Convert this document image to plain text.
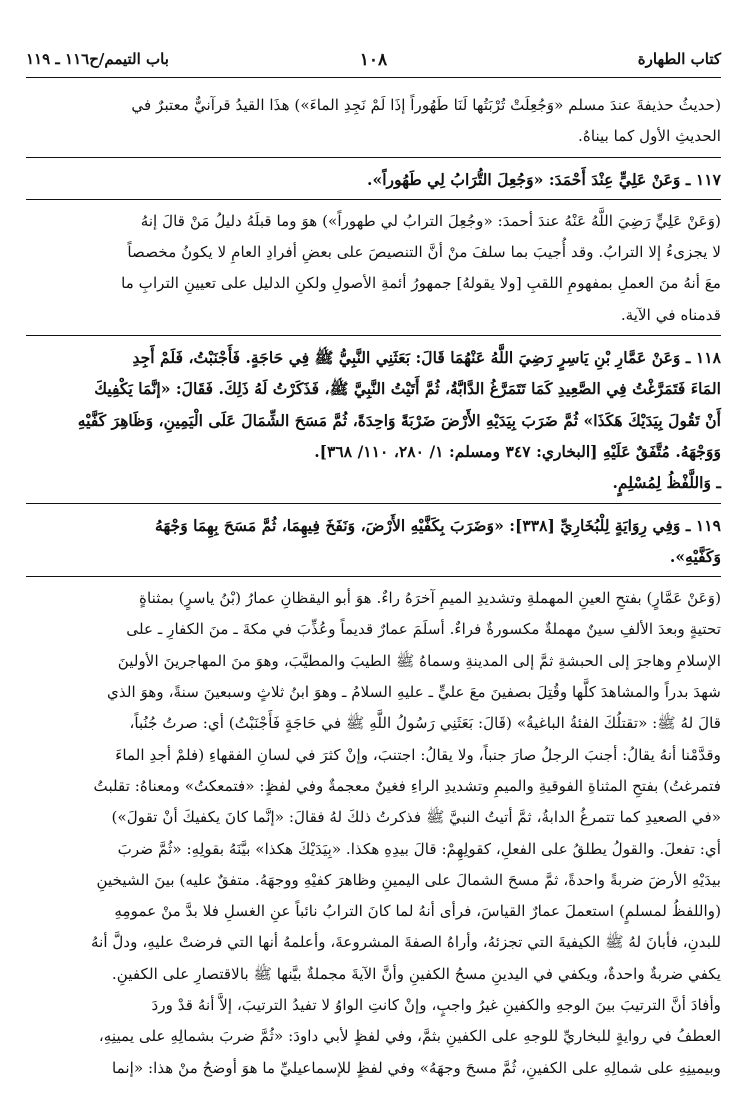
كتاب الطهارة
١٠٨
باب التيمم/ح١١٦ ـ ١١٩

(حديثُ حذيفةَ عندَ مسلم «وَجُعِلَتْ تُرْبَتُها لَنَا طَهُوراً إذَا لَمْ نَجِدِ الماءَ») هذَا القيدُ قرآنيٌّ معتبرٌ في
الحديثِ الأول كما بيناهُ.

١١٧ ـ وَعَنْ عَلِيٍّ عِنْدَ أَحْمَدَ: «وَجُعِلَ التُّرَابُ لِي طَهُوراً».

(وَعَنْ عَلِيٍّ رَضِيَ اللَّهُ عَنْهُ عندَ أحمدَ: «وجُعِلَ الترابُ لي طهوراً») هوَ وما قبلَهُ دليلُ مَنْ قالَ إنهُ
لا يجزىءُ إلا الترابُ. وقد أُجيبَ بما سلفَ منْ أنَّ التنصيصَ على بعضِ أفرادِ العامِ لا يكونُ مخصصاً
معَ أنهُ منَ العملِ بمفهومِ اللقبِ [ولا يقولهُ] جمهورُ أئمةِ الأصولِ ولكنِ الدليل على تعيينِ الترابِ ما
قدمناه في الآية.

١١٨ ـ وَعَنْ عَمَّارِ بْنِ يَاسِرٍ رَضِيَ اللَّهُ عَنْهُمَا قَالَ: بَعَثَنِي النَّبِيُّ ﷺ فِي حَاجَةٍ. فَأَجْنَبْتُ، فَلَمْ أَجِدِ
المَاءَ فَتَمَرَّغْتُ فِي الصَّعِيدِ كَمَا تَتَمَرَّغُ الدَّابَّةُ، ثُمَّ أَتَيْتُ النَّبِيَّ ﷺ، فَذَكَرْتُ لَهُ ذَلِكَ. فَقَالَ: «إنَّمَا يَكْفِيكَ
أَنْ تَقُولَ بِيَدَيْكَ هَكَذَا» ثُمَّ ضَرَبَ بِيَدَيْهِ الأَرْضَ ضَرْبَةً وَاحِدَةً، ثُمَّ مَسَحَ الشِّمَالَ عَلَى الْيَمِينِ، وَظَاهِرَ كَفَّيْهِ
وَوَجْهَهُ. مُتَّفَقٌ عَلَيْهِ [البخاري: ٣٤٧ ومسلم: ١/ ٢٨٠، ١١٠/ ٣٦٨].

ـ وَاللَّفْظُ لِمُسْلِمٍ.

١١٩ ـ وَفِي رِوَايَةٍ لِلْبُخَارِيِّ [٣٣٨]: «وَضَرَبَ بِكَفَّيْهِ الأَرْضَ، وَنَفَخَ فِيهِمَا، ثُمَّ مَسَحَ بِهِمَا وَجْهَهُ
وَكَفَّيْهِ».

(وَعَنْ عَمَّارٍ) بفتحِ العينِ المهملةِ وتشديدِ الميمِ آخرَهُ راءٌ. هوَ أبو اليقظانِ عمارُ (بْنُ ياسرٍ) بمثناةٍ
تحتيةٍ وبعدَ الألفِ سينٌ مهملةٌ مكسورةٌ فراءٌ. أسلَمَ عمارٌ قديماً وعُذِّبَ في مكةَ ـ منَ الكفارِ ـ على
الإسلامِ وهاجرَ إلى الحبشةِ ثمَّ إلى المدينةِ وسماهُ ﷺ الطيبَ والمطيَّبَ، وهوَ منَ المهاجرينَ الأولينَ
شهدَ بدراً والمشاهدَ كلَّها وقُتِلَ بصفينَ معَ عليٍّ ـ عليهِ السلامُ ـ وهوَ ابنُ ثلاثٍ وسبعينَ سنةً، وهوَ الذي
قالَ لهُ ﷺ: «تقتلُكَ الفئةُ الباغيةُ» (قَالَ: بَعَثَنِي رَسُولُ اللَّهِ ﷺ في حَاجَةٍ فَأَجْنَبْتُ) أي: صرتُ جُنُباً،
وقدَّمْنا أنهُ يقالُ: أجنبَ الرجلُ صارَ جنباً، ولا يقالُ: اجتنبَ، وإنْ كثرَ في لسانِ الفقهاءِ (فلمْ أجدِ الماءَ
فتمرغتُ) بفتحِ المثناةِ الفوقيةِ والميمِ وتشديدِ الراءِ فغينٌ معجمةٌ وفي لفظٍ: «فتمعكتُ» ومعناهُ: تقلبتُ
«في الصعيدِ كما تتمرغُ الدابةُ، ثمَّ أتيتُ النبيَّ ﷺ فذكرتُ ذلكَ لهُ فقالَ: «إنَّما كانَ يكفيكَ أنْ تقولَ»)
أي: تفعلَ. والقولُ يطلقُ على الفعلِ، كقولِهِمْ: قالَ بيدِهِ هكذا. «بِيَدَيْكَ هكذا» بيَّنَهُ بقولِهِ: «ثُمَّ ضربَ
بيدَيْهِ الأرضَ ضربةً واحدةً، ثمَّ مسحَ الشمالَ على اليمينِ وظاهرَ كفيْهِ ووجهَهُ. متفقٌ عليه) بينَ الشيخينِ
(واللفظُ لمسلمٍ) استعملَ عمارٌ القياسَ، فرأى أنهُ لما كانَ الترابُ نائباً عنِ الغسلِ فلا بدَّ منْ عمومِهِ
للبدنِ، فأبانَ لهُ ﷺ الكيفيةَ التي تجزئهُ، وأراهُ الصفةَ المشروعةَ، وأعلمهُ أنها التي فرضتْ عليهِ، ودلَّ أنهُ
يكفي ضربةٌ واحدةٌ، ويكفي في اليدينِ مسحُ الكفينِ وأنَّ الآيةَ مجملةٌ بيَّنها ﷺ بالاقتصارِ على الكفينِ.
وأفادَ أنَّ الترتيبَ بينَ الوجهِ والكفينِ غيرُ واجبٍ، وإنْ كانتِ الواوُ لا تفيدُ الترتيبَ، إلاَّ أنهُ قدْ وردَ
العطفُ في روايةٍ للبخاريِّ للوجهِ على الكفينِ بثمَّ، وفي لفظٍ لأبي داودَ: «ثُمَّ ضربَ بشمالِهِ على يمينِهِ،
وبيمينِهِ على شمالِهِ على الكفينِ، ثُمَّ مسحَ وجهَهُ» وفي لفظٍ للإسماعيليِّ ما هوَ أوضحُ منْ هذا: «إنما
